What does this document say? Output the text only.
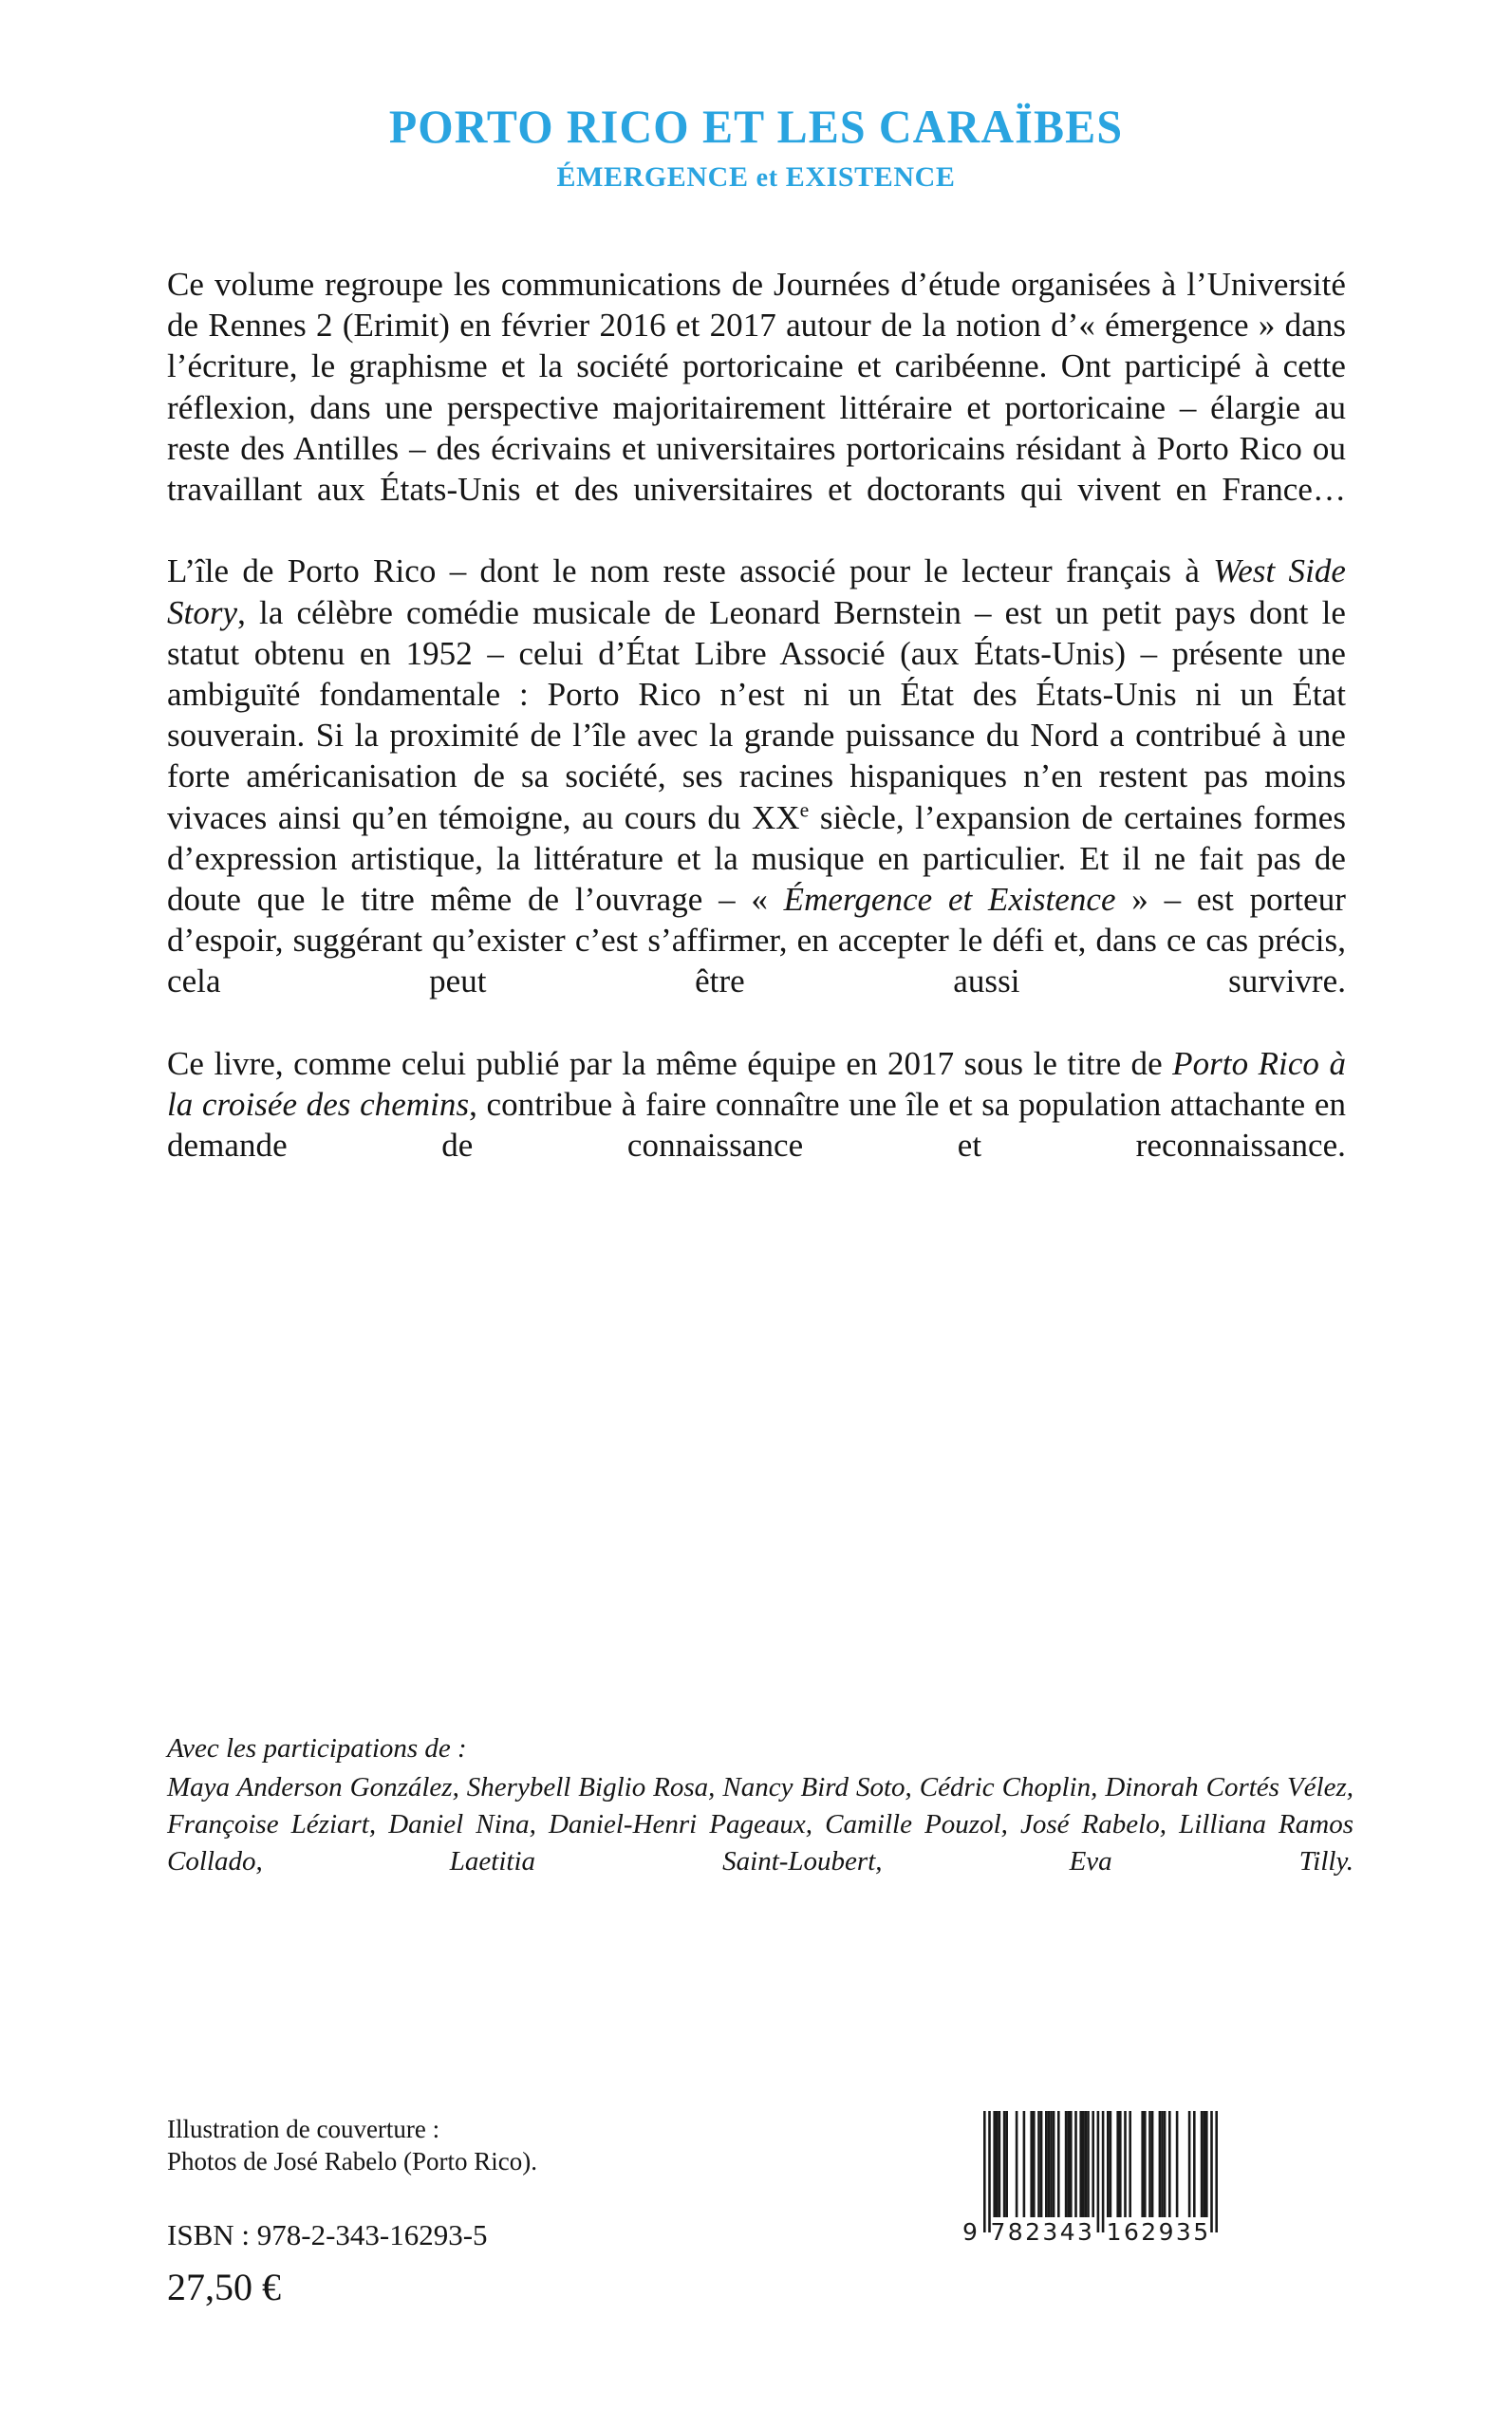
PORTO RICO ET LES CARAÏBES
ÉMERGENCE et EXISTENCE

Ce volume regroupe les communications de Journées d’étude organisées à l’Université de Rennes 2 (Erimit) en février 2016 et 2017 autour de la notion d’« émergence » dans l’écriture, le graphisme et la société portoricaine et caribéenne. Ont participé à cette réflexion, dans une perspective majoritairement littéraire et portoricaine – élargie au reste des Antilles – des écrivains et universitaires portoricains résidant à Porto Rico ou travaillant aux États-Unis et des universitaires et doctorants qui vivent en France…

L’île de Porto Rico – dont le nom reste associé pour le lecteur français à West Side Story, la célèbre comédie musicale de Leonard Bernstein – est un petit pays dont le statut obtenu en 1952 – celui d’État Libre Associé (aux États-Unis) – présente une ambiguïté fondamentale : Porto Rico n’est ni un État des États-Unis ni un État souverain. Si la proximité de l’île avec la grande puissance du Nord a contribué à une forte américanisation de sa société, ses racines hispaniques n’en restent pas moins vivaces ainsi qu’en témoigne, au cours du XXe siècle, l’expansion de certaines formes d’expression artistique, la littérature et la musique en particulier. Et il ne fait pas de doute que le titre même de l’ouvrage – « Émergence et Existence » – est porteur d’espoir, suggérant qu’exister c’est s’affirmer, en accepter le défi et, dans ce cas précis, cela peut être aussi survivre.

Ce livre, comme celui publié par la même équipe en 2017 sous le titre de Porto Rico à la croisée des chemins, contribue à faire connaître une île et sa population attachante en demande de connaissance et reconnaissance.

Avec les participations de :
Maya Anderson González, Sherybell Biglio Rosa, Nancy Bird Soto, Cédric Choplin, Dinorah Cortés Vélez, Françoise Léziart, Daniel Nina, Daniel-Henri Pageaux, Camille Pouzol, José Rabelo, Lilliana Ramos Collado, Laetitia Saint-Loubert, Eva Tilly.

Illustration de couverture :
Photos de José Rabelo (Porto Rico).

ISBN : 978-2-343-16293-5

27,50 €

9 782343 162935
